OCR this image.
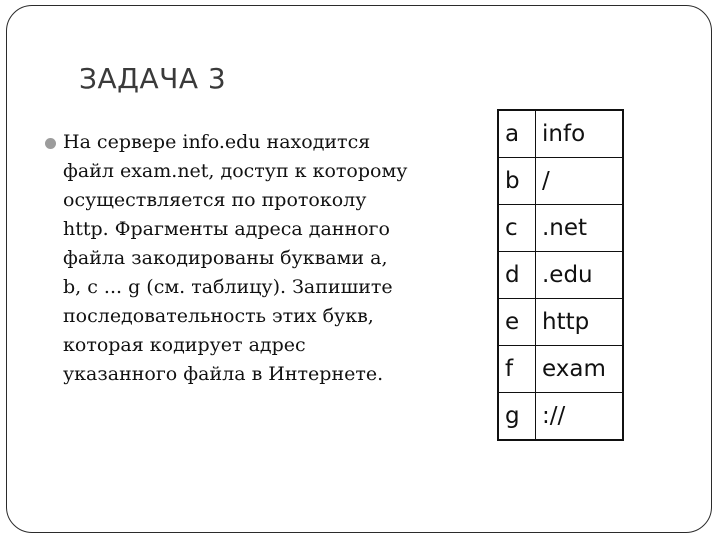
ЗАДАЧА 3
На сервере info.edu находится файл exam.net, доступ к которому осуществляется по протоколу http. Фрагменты адреса данного файла закодированы буквами a, b, c ... g (см. таблицу). Запишите последовательность этих букв, которая кодирует адрес указанного файла в Интернете.
a	info
b	/
c	.net
d	.edu
e	http
f	exam
g	://
